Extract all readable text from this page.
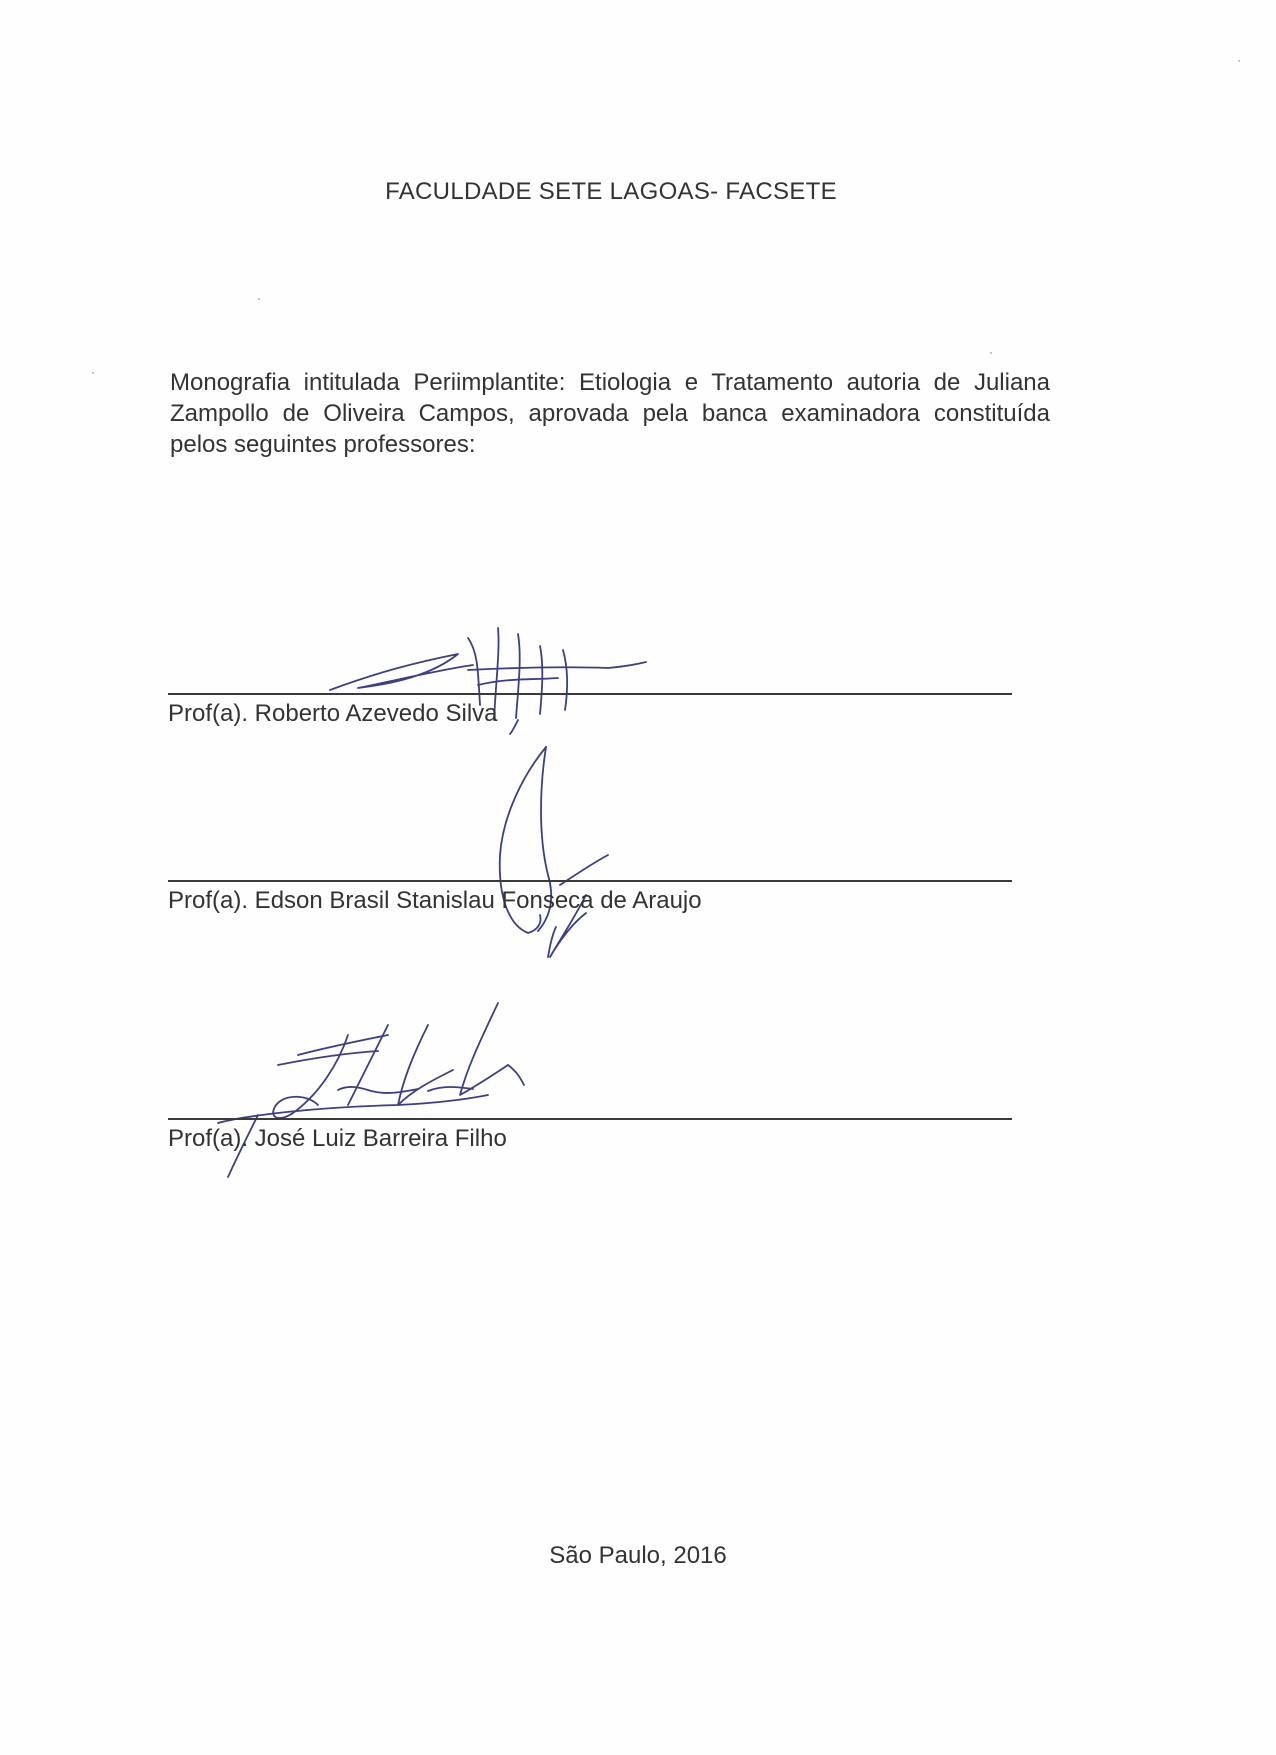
FACULDADE SETE LAGOAS- FACSETE
Monografia intitulada Periimplantite: Etiologia e Tratamento autoria de Juliana Zampollo de Oliveira Campos, aprovada pela banca examinadora constituída pelos seguintes professores:
Prof(a). Roberto Azevedo Silva
Prof(a). Edson Brasil Stanislau Fonseca de Araujo
Prof(a). José Luiz Barreira Filho
São Paulo, 2016
